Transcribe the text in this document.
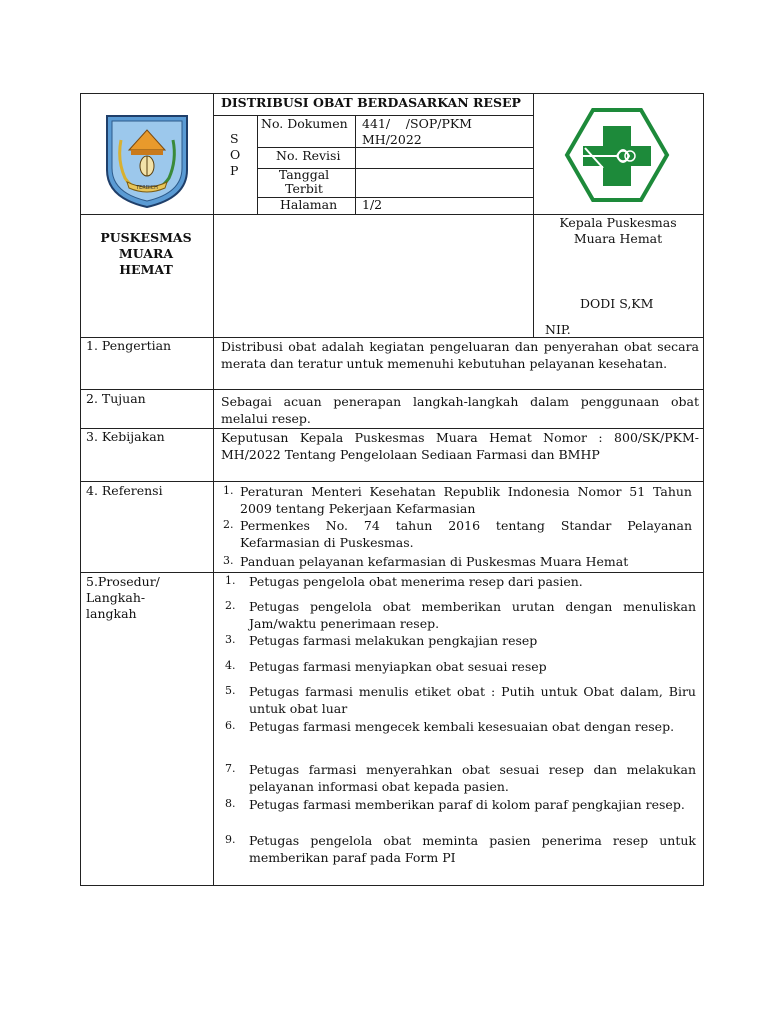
TERBICH
DISTRIBUSI OBAT BERDASARKAN RESEP
S
O
P
No. Dokumen 441/ /SOP/PKM MH/2022
No. Revisi
Tanggal Terbit
Halaman 1/2
PUSKESMAS MUARA HEMAT
Kepala Puskesmas Muara Hemat
DODI S,KM
NIP.
1. Pengertian	Distribusi obat adalah kegiatan pengeluaran dan penyerahan obat secara merata dan teratur untuk memenuhi kebutuhan pelayanan kesehatan.
2. Tujuan	Sebagai acuan penerapan langkah-langkah dalam penggunaan obat melalui resep.
3. Kebijakan	Keputusan Kepala Puskesmas Muara Hemat Nomor : 800/SK/PKM- MH/2022 Tentang Pengelolaan Sediaan Farmasi dan BMHP
4. Referensi	1. Peraturan Menteri Kesehatan Republik Indonesia Nomor 51 Tahun 2009 tentang Pekerjaan Kefarmasian
2. Permenkes No. 74 tahun 2016 tentang Standar Pelayanan Kefarmasian di Puskesmas.
3. Panduan pelayanan kefarmasian di Puskesmas Muara Hemat
5.Prosedur/ Langkah- langkah
1. Petugas pengelola obat menerima resep dari pasien.
2. Petugas pengelola obat memberikan urutan dengan menuliskan Jam/waktu penerimaan resep.
3. Petugas farmasi melakukan pengkajian resep
4. Petugas farmasi menyiapkan obat sesuai resep
5. Petugas farmasi menulis etiket obat : Putih untuk Obat dalam, Biru untuk obat luar
6. Petugas farmasi mengecek kembali kesesuaian obat dengan resep.
7. Petugas farmasi menyerahkan obat sesuai resep dan melakukan pelayanan informasi obat kepada pasien.
8. Petugas farmasi memberikan paraf di kolom paraf pengkajian resep.
9. Petugas pengelola obat meminta pasien penerima resep untuk memberikan paraf pada Form PI
